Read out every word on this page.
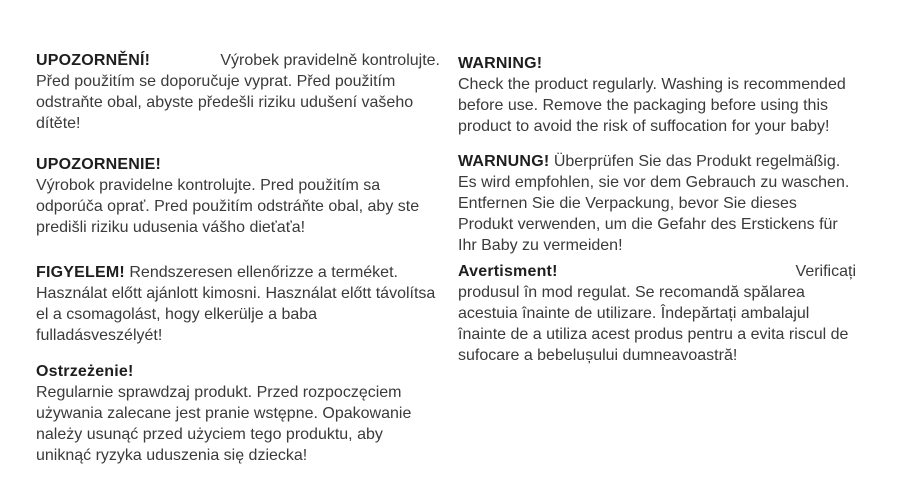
UPOZORNĚNÍ!	Výrobek pravidelně kontrolujte.

Před použitím se doporučuje vyprat. Před použitím odstraňte obal, abyste předešli riziku udušení vašeho dítěte!

UPOZORNENIE!

Výrobok pravidelne kontrolujte. Pred použitím sa odporúča oprať. Pred použitím odstráňte obal, aby ste predišli riziku udusenia vášho dieťaťa!

FIGYELEM! Rendszeresen ellenőrizze a terméket. Használat előtt ajánlott kimosni. Használat előtt távolítsa el a csomagolást, hogy elkerülje a baba fulladásveszélyét!

Ostrzeżenie!

Regularnie sprawdzaj produkt. Przed rozpoczęciem używania zalecane jest pranie wstępne. Opakowanie należy usunąć przed użyciem tego produktu, aby uniknąć ryzyka uduszenia się dziecka!

WARNING!

Check the product regularly. Washing is recommended before use. Remove the packaging before using this product to avoid the risk of suffocation for your baby!

WARNUNG! Überprüfen Sie das Produkt regelmäßig. Es wird empfohlen, sie vor dem Gebrauch zu waschen. Entfernen Sie die Verpackung, bevor Sie dieses Produkt verwenden, um die Gefahr des Erstickens für Ihr Baby zu vermeiden!

Avertisment!	Verificați

produsul în mod regulat. Se recomandă spălarea acestuia înainte de utilizare. Îndepărtați ambalajul înainte de a utiliza acest produs pentru a evita riscul de sufocare a bebelușului dumneavoastră!
